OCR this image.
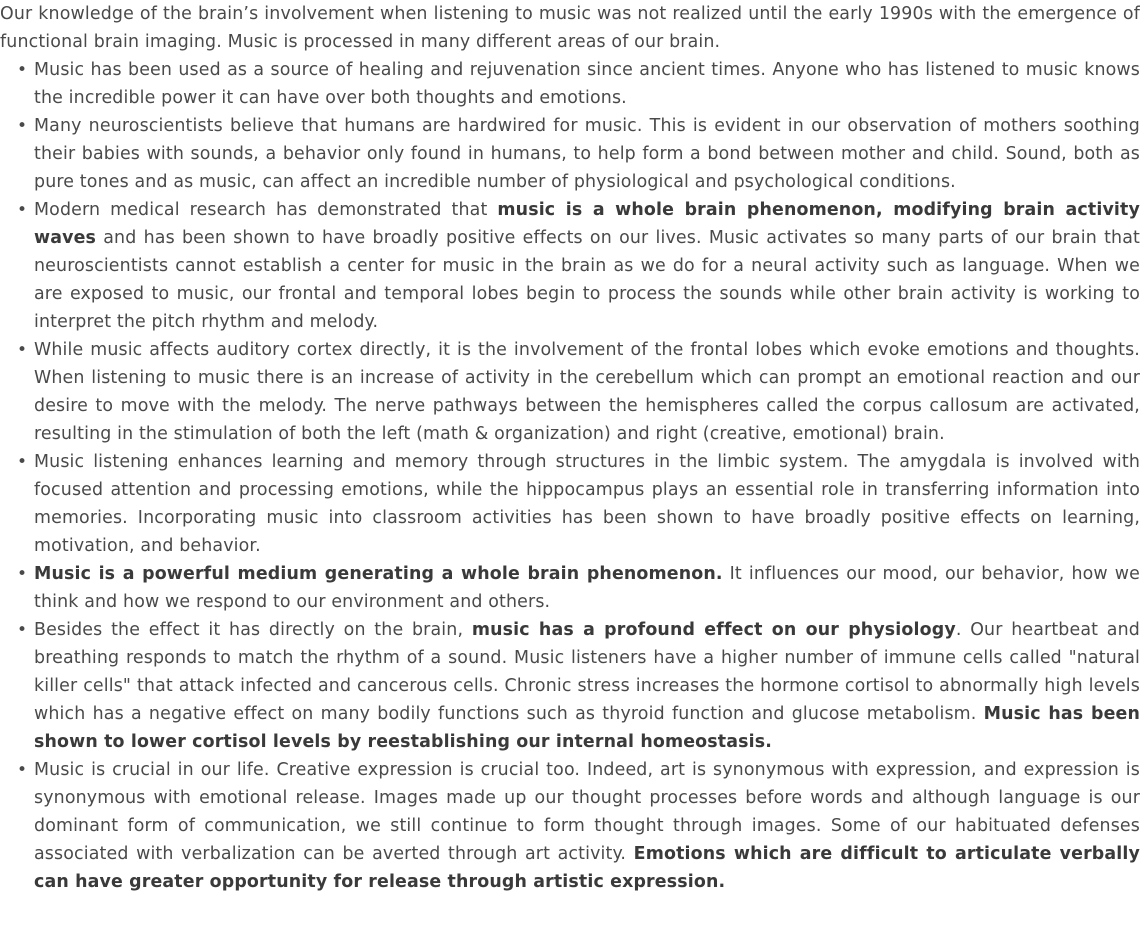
Our knowledge of the brain’s involvement when listening to music was not realized until the early 1990s with the emergence of functional brain imaging. Music is processed in many different areas of our brain.

• Music has been used as a source of healing and rejuvenation since ancient times. Anyone who has listened to music knows the incredible power it can have over both thoughts and emotions.
• Many neuroscientists believe that humans are hardwired for music. This is evident in our observation of mothers soothing their babies with sounds, a behavior only found in humans, to help form a bond between mother and child. Sound, both as pure tones and as music, can affect an incredible number of physiological and psychological conditions.
• Modern medical research has demonstrated that music is a whole brain phenomenon, modifying brain activity waves and has been shown to have broadly positive effects on our lives. Music activates so many parts of our brain that neuroscientists cannot establish a center for music in the brain as we do for a neural activity such as language. When we are exposed to music, our frontal and temporal lobes begin to process the sounds while other brain activity is working to interpret the pitch rhythm and melody.
• While music affects auditory cortex directly, it is the involvement of the frontal lobes which evoke emotions and thoughts. When listening to music there is an increase of activity in the cerebellum which can prompt an emotional reaction and our desire to move with the melody. The nerve pathways between the hemispheres called the corpus callosum are activated, resulting in the stimulation of both the left (math & organization) and right (creative, emotional) brain.
• Music listening enhances learning and memory through structures in the limbic system. The amygdala is involved with focused attention and processing emotions, while the hippocampus plays an essential role in transferring information into memories. Incorporating music into classroom activities has been shown to have broadly positive effects on learning, motivation, and behavior.
• Music is a powerful medium generating a whole brain phenomenon. It influences our mood, our behavior, how we think and how we respond to our environment and others.
• Besides the effect it has directly on the brain, music has a profound effect on our physiology. Our heartbeat and breathing responds to match the rhythm of a sound. Music listeners have a higher number of immune cells called "natural killer cells" that attack infected and cancerous cells. Chronic stress increases the hormone cortisol to abnormally high levels which has a negative effect on many bodily functions such as thyroid function and glucose metabolism. Music has been shown to lower cortisol levels by reestablishing our internal homeostasis.
• Music is crucial in our life. Creative expression is crucial too. Indeed, art is synonymous with expression, and expression is synonymous with emotional release. Images made up our thought processes before words and although language is our dominant form of communication, we still continue to form thought through images. Some of our habituated defenses associated with verbalization can be averted through art activity. Emotions which are difficult to articulate verbally can have greater opportunity for release through artistic expression.
